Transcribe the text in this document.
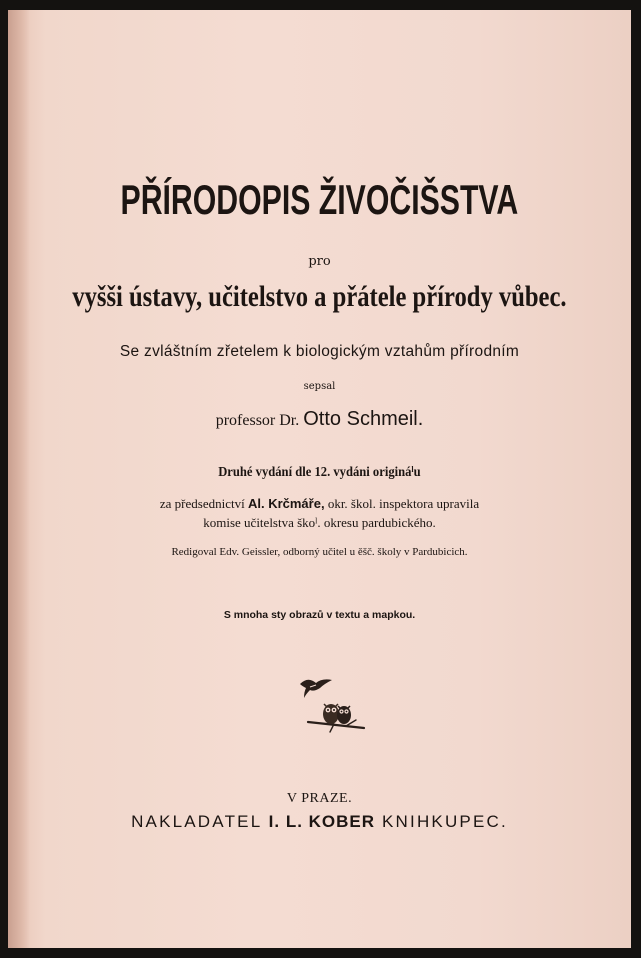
PŘÍRODOPIS ŽIVOČIŠSTVA
pro
vyšši ústavy, učitelstvo a přátele přírody vůbec.
Se zvláštním zřetelem k biologickým vztahům přírodním
sepsal
professor Dr. Otto Schmeil.
Druhé vydání dle 12. vydáni origináˡu
za předsednictví Al. Krčmáře, okr. škol. inspektora upravila
komise učitelstva škoˡ. okresu pardubického.
Redigoval Edv. Geissler, odborný učitel u ěšč. školy v Pardubicich.
S mnoha sty obrazů v textu a mapkou.
V PRAZE.
NAKLADATEL I. L. KOBER KNIHKUPEC.
